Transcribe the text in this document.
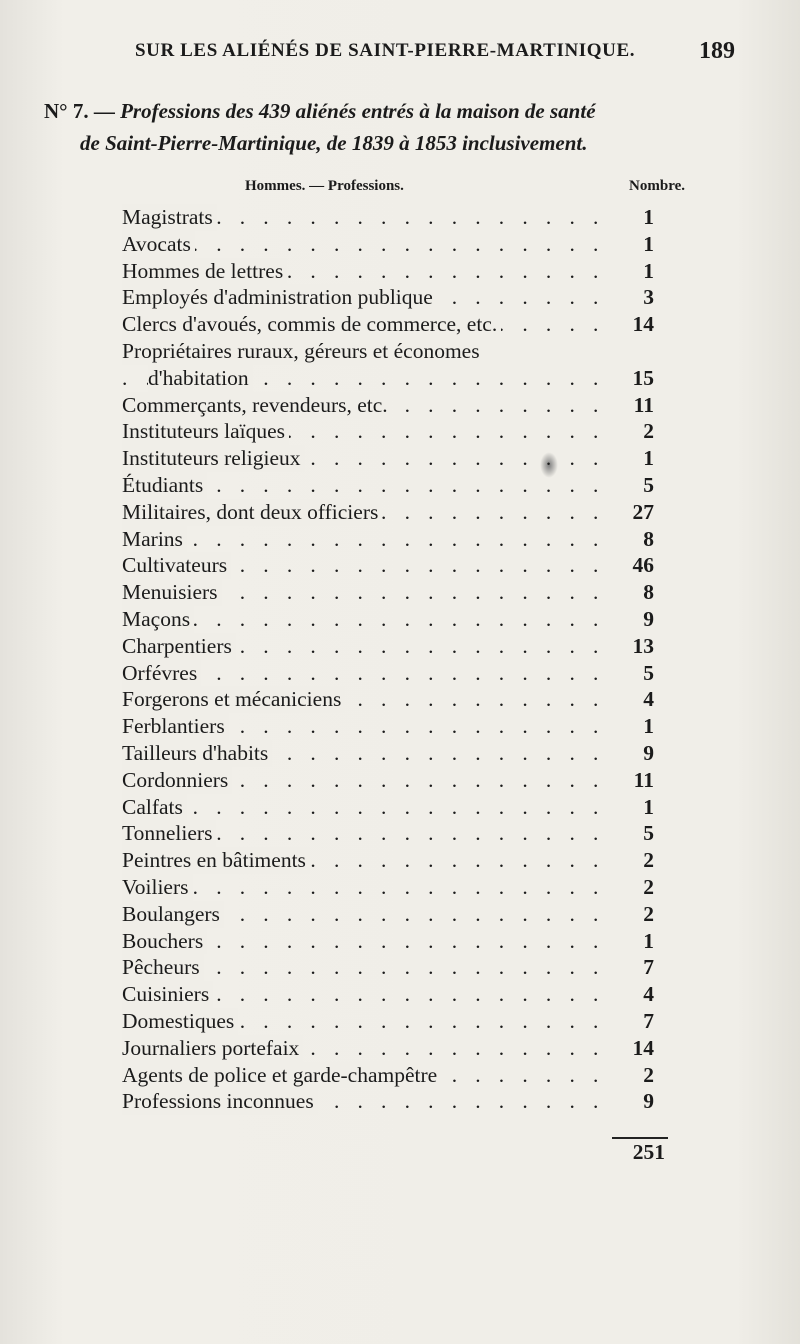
SUR LES ALIÉNÉS DE SAINT-PIERRE-MARTINIQUE.	189
N° 7. — Professions des 439 aliénés entrés à la maison de santé
de Saint-Pierre-Martinique, de 1839 à 1853 inclusivement.
Hommes. — Professions.	Nombre.
. . .
Magistrats	1
. . .
Avocats	1
. . .
Hommes de lettres	1
. . .
Employés d'administration publique	3
. . .
Clercs d'avoués, commis de commerce, etc.	14
Propriétaires ruraux, géreurs et économes
. . .
d'habitation	15
. . .
Commerçants, revendeurs, etc.	11
. . .
Instituteurs laïques	2
. . .
Instituteurs religieux	1
. . .
Étudiants	5
. . .
Militaires, dont deux officiers	27
. . .
Marins	8
. . .
Cultivateurs	46
. . .
Menuisiers	8
. . .
Maçons	9
. . .
Charpentiers	13
. . .
Orfévres	5
. . .
Forgerons et mécaniciens	4
. . .
Ferblantiers	1
. . .
Tailleurs d'habits	9
. . .
Cordonniers	11
. . .
Calfats	1
. . .
Tonneliers	5
. . .
Peintres en bâtiments	2
. . .
Voiliers	2
. . .
Boulangers	2
. . .
Bouchers	1
. . .
Pêcheurs	7
. . .
Cuisiniers	4
. . .
Domestiques	7
. . .
Journaliers portefaix	14
. . .
Agents de police et garde-champêtre	2
. . .
Professions inconnues	9
251
